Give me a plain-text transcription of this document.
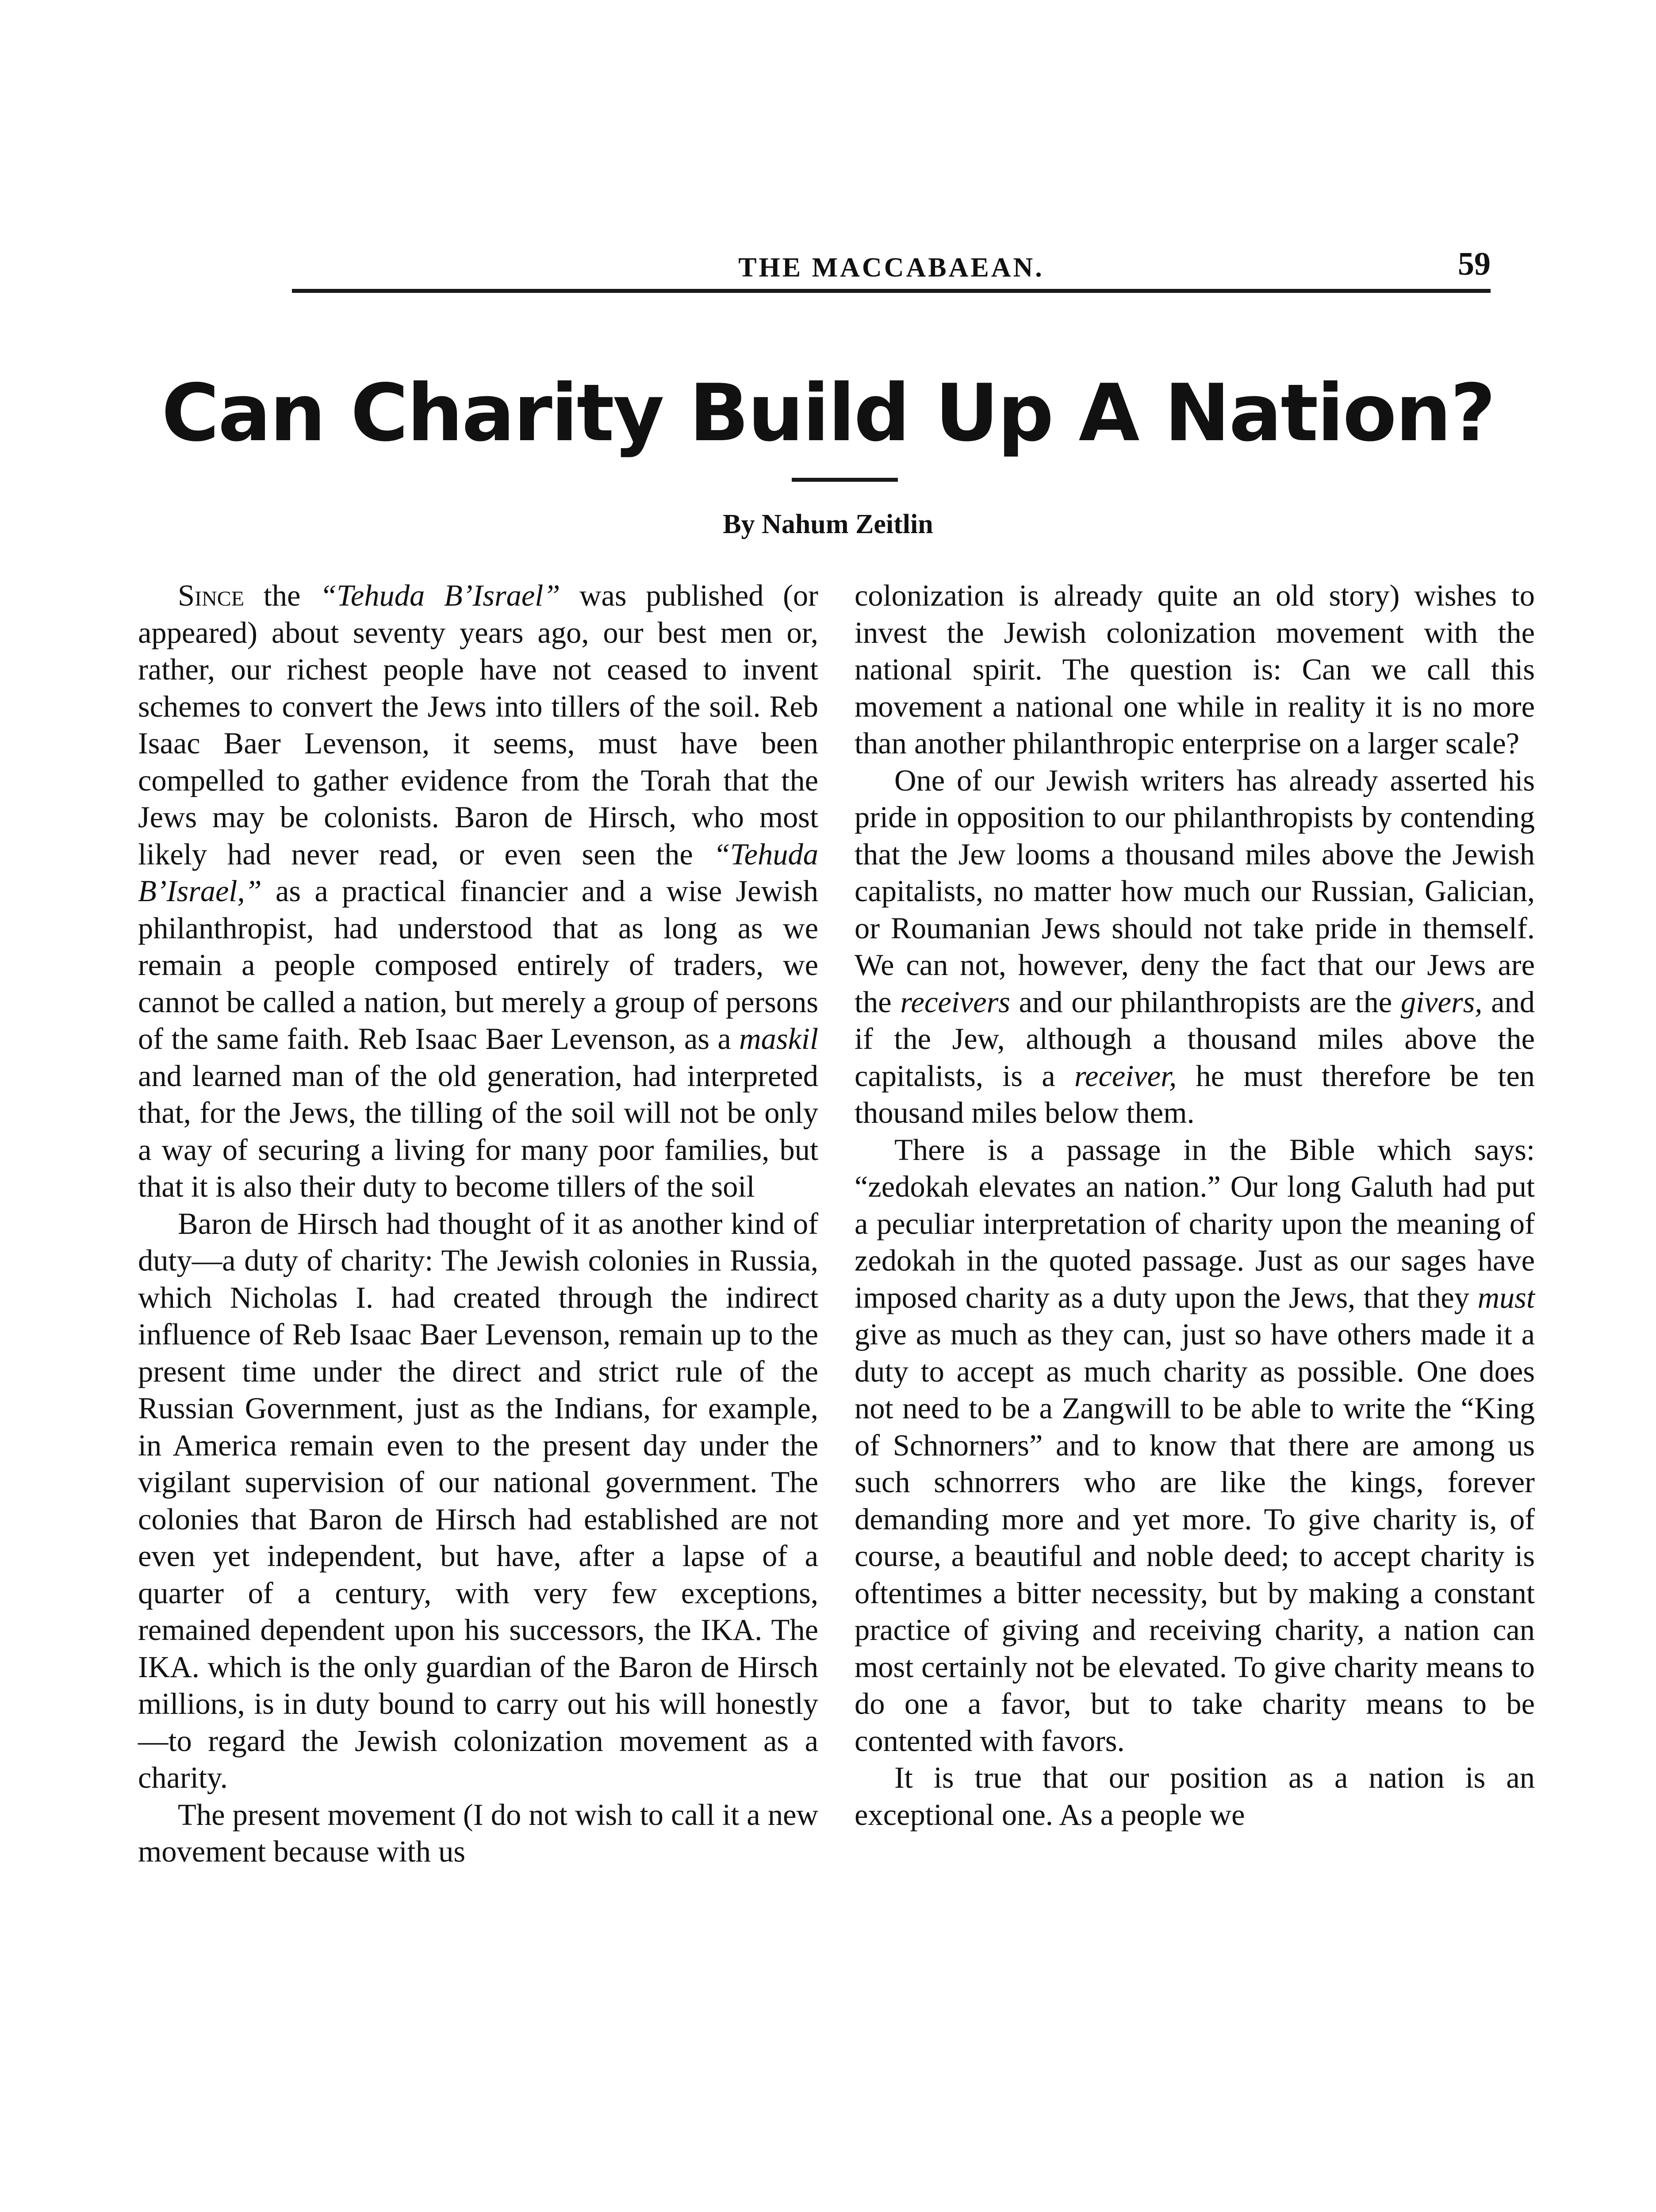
THE MACCABAEAN.	59
Can Charity Build Up A Nation?
By Nahum Zeitlin

Since the “Tehuda B’Israel” was published (or appeared) about seventy years ago, our best men or, rather, our richest people have not ceased to invent schemes to convert the Jews into tillers of the soil. Reb Isaac Baer Levenson, it seems, must have been compelled to gather evidence from the Torah that the Jews may be colonists. Baron de Hirsch, who most likely had never read, or even seen the “Tehuda B’Israel,” as a practical financier and a wise Jewish philanthropist, had understood that as long as we remain a people composed entirely of traders, we cannot be called a nation, but merely a group of persons of the same faith. Reb Isaac Baer Levenson, as a maskil and learned man of the old generation, had interpreted that, for the Jews, the tilling of the soil will not be only a way of securing a living for many poor families, but that it is also their duty to become tillers of the soil

Baron de Hirsch had thought of it as another kind of duty—a duty of charity: The Jewish colonies in Russia, which Nicholas I. had created through the indirect influence of Reb Isaac Baer Levenson, remain up to the present time under the direct and strict rule of the Russian Government, just as the Indians, for example, in America remain even to the present day under the vigilant supervision of our national government. The colonies that Baron de Hirsch had established are not even yet independent, but have, after a lapse of a quarter of a century, with very few exceptions, remained dependent upon his successors, the IKA. The IKA. which is the only guardian of the Baron de Hirsch millions, is in duty bound to carry out his will honestly—to regard the Jewish colonization movement as a charity.

The present movement (I do not wish to call it a new movement because with us

colonization is already quite an old story) wishes to invest the Jewish colonization movement with the national spirit. The question is: Can we call this movement a national one while in reality it is no more than another philanthropic enterprise on a larger scale?

One of our Jewish writers has already asserted his pride in opposition to our philanthropists by contending that the Jew looms a thousand miles above the Jewish capitalists, no matter how much our Russian, Galician, or Roumanian Jews should not take pride in themself. We can not, however, deny the fact that our Jews are the receivers and our philanthropists are the givers, and if the Jew, although a thousand miles above the capitalists, is a receiver, he must therefore be ten thousand miles below them.

There is a passage in the Bible which says: “zedokah elevates an nation.” Our long Galuth had put a peculiar interpretation of charity upon the meaning of zedokah in the quoted passage. Just as our sages have imposed charity as a duty upon the Jews, that they must give as much as they can, just so have others made it a duty to accept as much charity as possible. One does not need to be a Zangwill to be able to write the “King of Schnorners” and to know that there are among us such schnorrers who are like the kings, forever demanding more and yet more. To give charity is, of course, a beautiful and noble deed; to accept charity is oftentimes a bitter necessity, but by making a constant practice of giving and receiving charity, a nation can most certainly not be elevated. To give charity means to do one a favor, but to take charity means to be contented with favors.

It is true that our position as a nation is an exceptional one. As a people we
